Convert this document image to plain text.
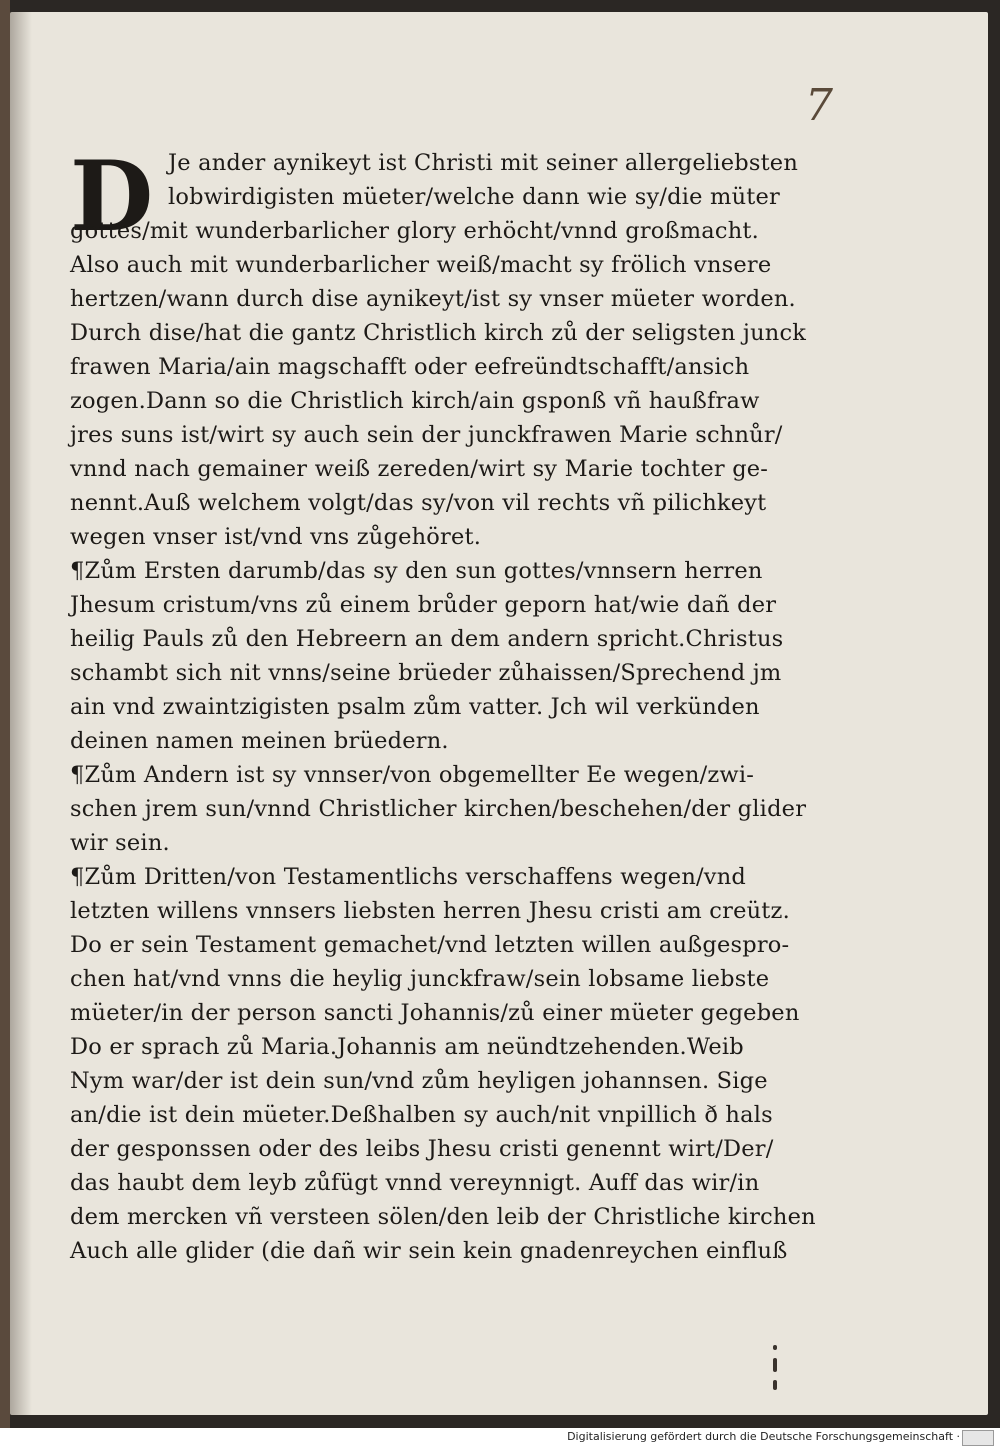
7
D Je ander aynikeyt ist Christi mit seiner allergeliebsten
lobwirdigisten müeter/welche dann wie sy/die müter
gottes/mit wunderbarlicher glory erhöcht/vnnd großmacht.
Also auch mit wunderbarlicher weiß/macht sy frölich vnsere
hertzen/wann durch dise aynikeyt/ist sy vnser müeter worden.
Durch dise/hat die gantz Christlich kirch zů der seligsten junck
frawen Maria/ain magschafft oder eefreündtschafft/ansich
zogen.Dann so die Christlich kirch/ain gsponß vñ haußfraw
jres suns ist/wirt sy auch sein der junckfrawen Marie schnůr/
vnnd nach gemainer weiß zereden/wirt sy Marie tochter ge-
nennt.Auß welchem volgt/das sy/von vil rechts vñ pilichkeyt
wegen vnser ist/vnd vns zůgehöret.
¶Zům Ersten darumb/das sy den sun gottes/vnnsern herren
Jhesum cristum/vns zů einem brůder geporn hat/wie dañ der
heilig Pauls zů den Hebreern an dem andern spricht.Christus
schambt sich nit vnns/seine brüeder zůhaissen/Sprechend jm
ain vnd zwaintzigisten psalm zům vatter. Jch wil verkünden
deinen namen meinen brüedern.
¶Zům Andern ist sy vnnser/von obgemellter Ee wegen/zwi-
schen jrem sun/vnnd Christlicher kirchen/beschehen/der glider
wir sein.
¶Zům Dritten/von Testamentlichs verschaffens wegen/vnd
letzten willens vnnsers liebsten herren Jhesu cristi am creütz.
Do er sein Testament gemachet/vnd letzten willen außgespro-
chen hat/vnd vnns die heylig junckfraw/sein lobsame liebste
müeter/in der person sancti Johannis/zů einer müeter gegeben
Do er sprach zů Maria.Johannis am neündtzehenden.Weib
Nym war/der ist dein sun/vnd zům heyligen johannsen. Sige
an/die ist dein müeter.Deßhalben sy auch/nit vnpillich ð hals
der gesponssen oder des leibs Jhesu cristi genennt wirt/Der/
das haubt dem leyb zůfügt vnnd vereynnigt. Auff das wir/in
dem mercken vñ versteen sölen/den leib der Christliche kirchen
Auch alle glider (die dañ wir sein kein gnadenreychen einfluß
Digitalisierung gefördert durch die Deutsche Forschungsgemeinschaft ·
